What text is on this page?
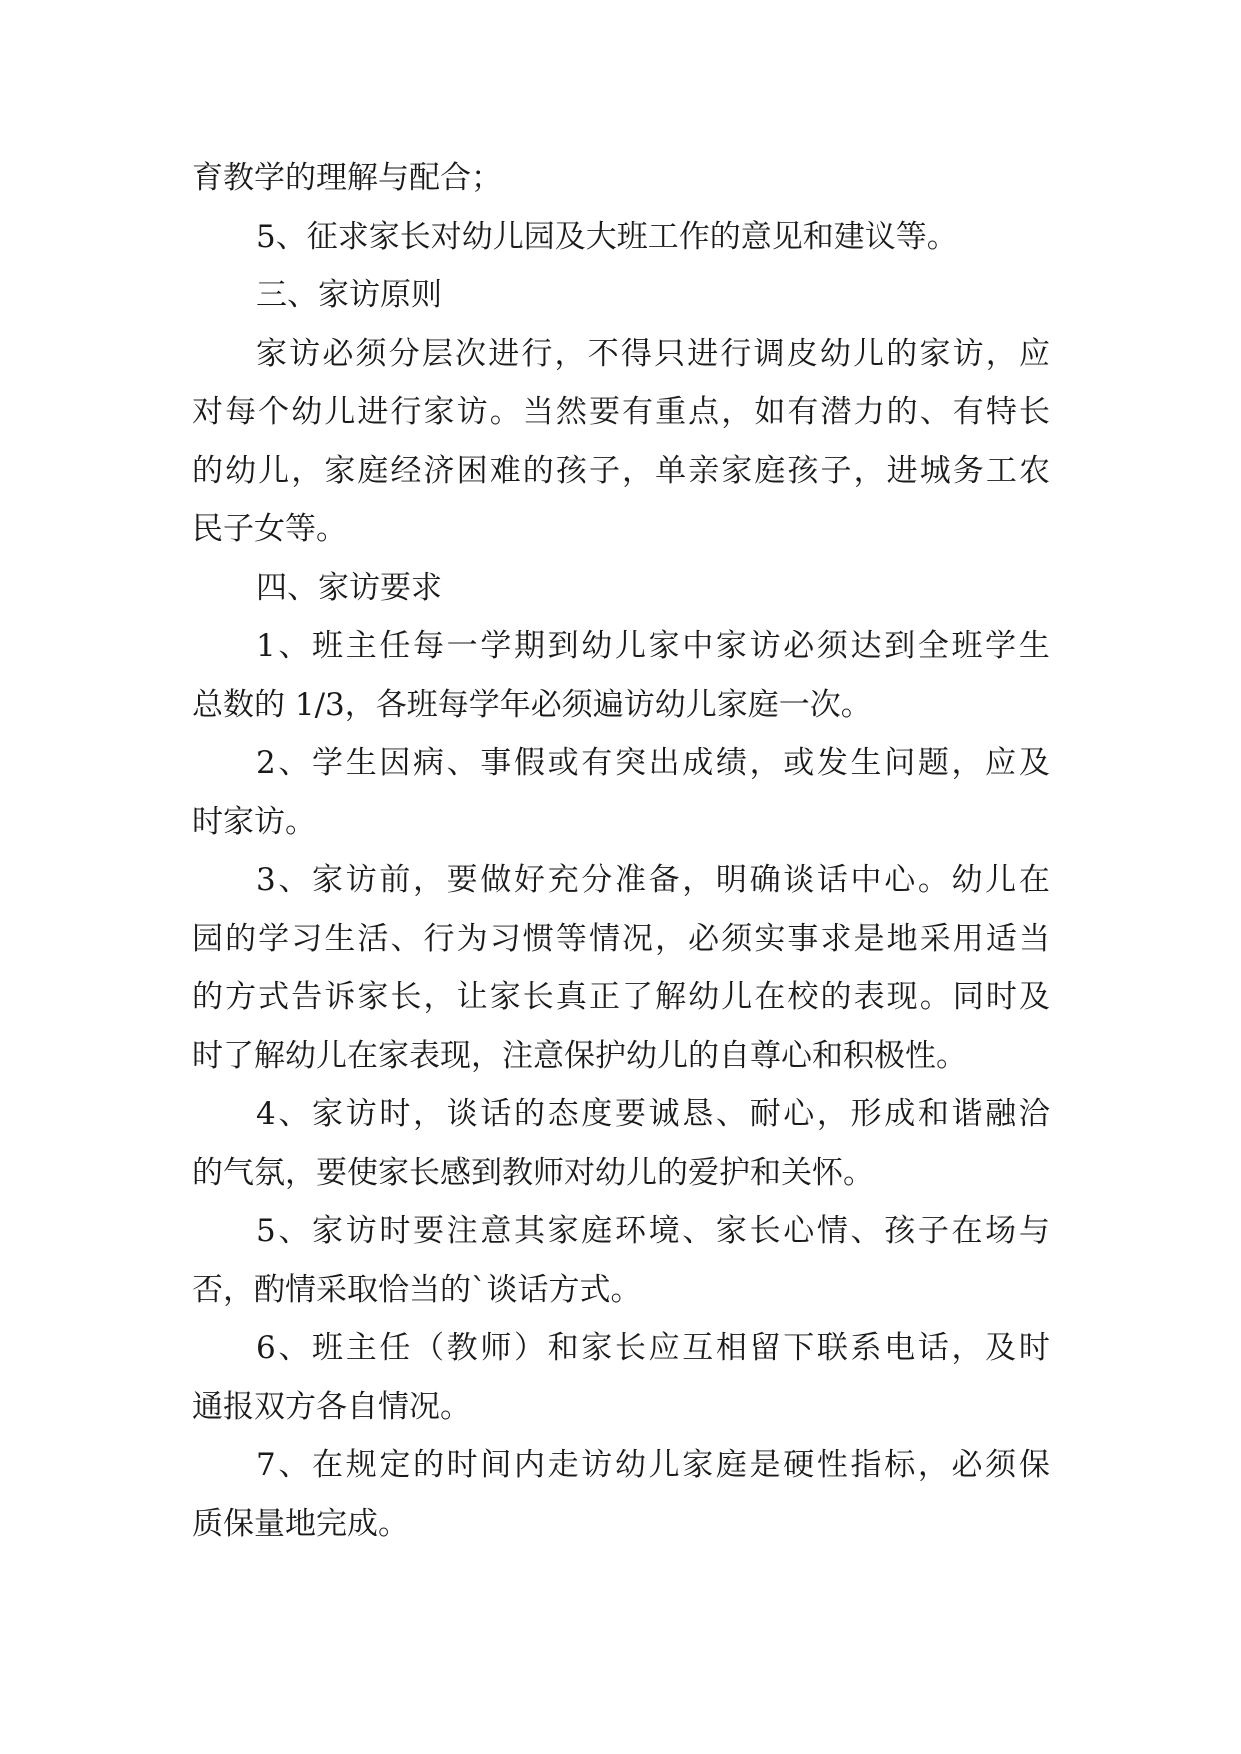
育教学的理解与配合；
5、征求家长对幼儿园及大班工作的意见和建议等。
三、家访原则
家 访 必 须 分 层 次 进 行 ， 不 得 只 进 行 调 皮 幼 儿 的 家 访 ， 应
对 每 个 幼 儿 进 行 家 访 。 当 然 要 有 重 点 ， 如 有 潜 力 的 、 有 特 长
的 幼 儿 ， 家 庭 经 济 困 难 的 孩 子 ， 单 亲 家 庭 孩 子 ， 进 城 务 工 农
民子女等。
四、家访要求
1 、 班 主 任 每 一 学 期 到 幼 儿 家 中 家 访 必 须 达 到 全 班 学 生
总数的 1/3，各班每学年必须遍访幼儿家庭一次。
2 、 学 生 因 病 、 事 假 或 有 突 出 成 绩 ， 或 发 生 问 题 ， 应 及
时家访。
3 、 家 访 前 ， 要 做 好 充 分 准 备 ， 明 确 谈 话 中 心 。 幼 儿 在
园 的 学 习 生 活 、 行 为 习 惯 等 情 况 ， 必 须 实 事 求 是 地 采 用 适 当
的 方 式 告 诉 家 长 ， 让 家 长 真 正 了 解 幼 儿 在 校 的 表 现 。 同 时 及
时了解幼儿在家表现，注意保护幼儿的自尊心和积极性。
4 、 家 访 时 ， 谈 话 的 态 度 要 诚 恳 、 耐 心 ， 形 成 和 谐 融 洽
的气氛，要使家长感到教师对幼儿的爱护和关怀。
5 、 家 访 时 要 注 意 其 家 庭 环 境 、 家 长 心 情 、 孩 子 在 场 与
否，酌情采取恰当的`谈话方式。
6 、 班 主 任 （ 教 师 ） 和 家 长 应 互 相 留 下 联 系 电 话 ， 及 时
通报双方各自情况。
7 、 在 规 定 的 时 间 内 走 访 幼 儿 家 庭 是 硬 性 指 标 ， 必 须 保
质保量地完成。
